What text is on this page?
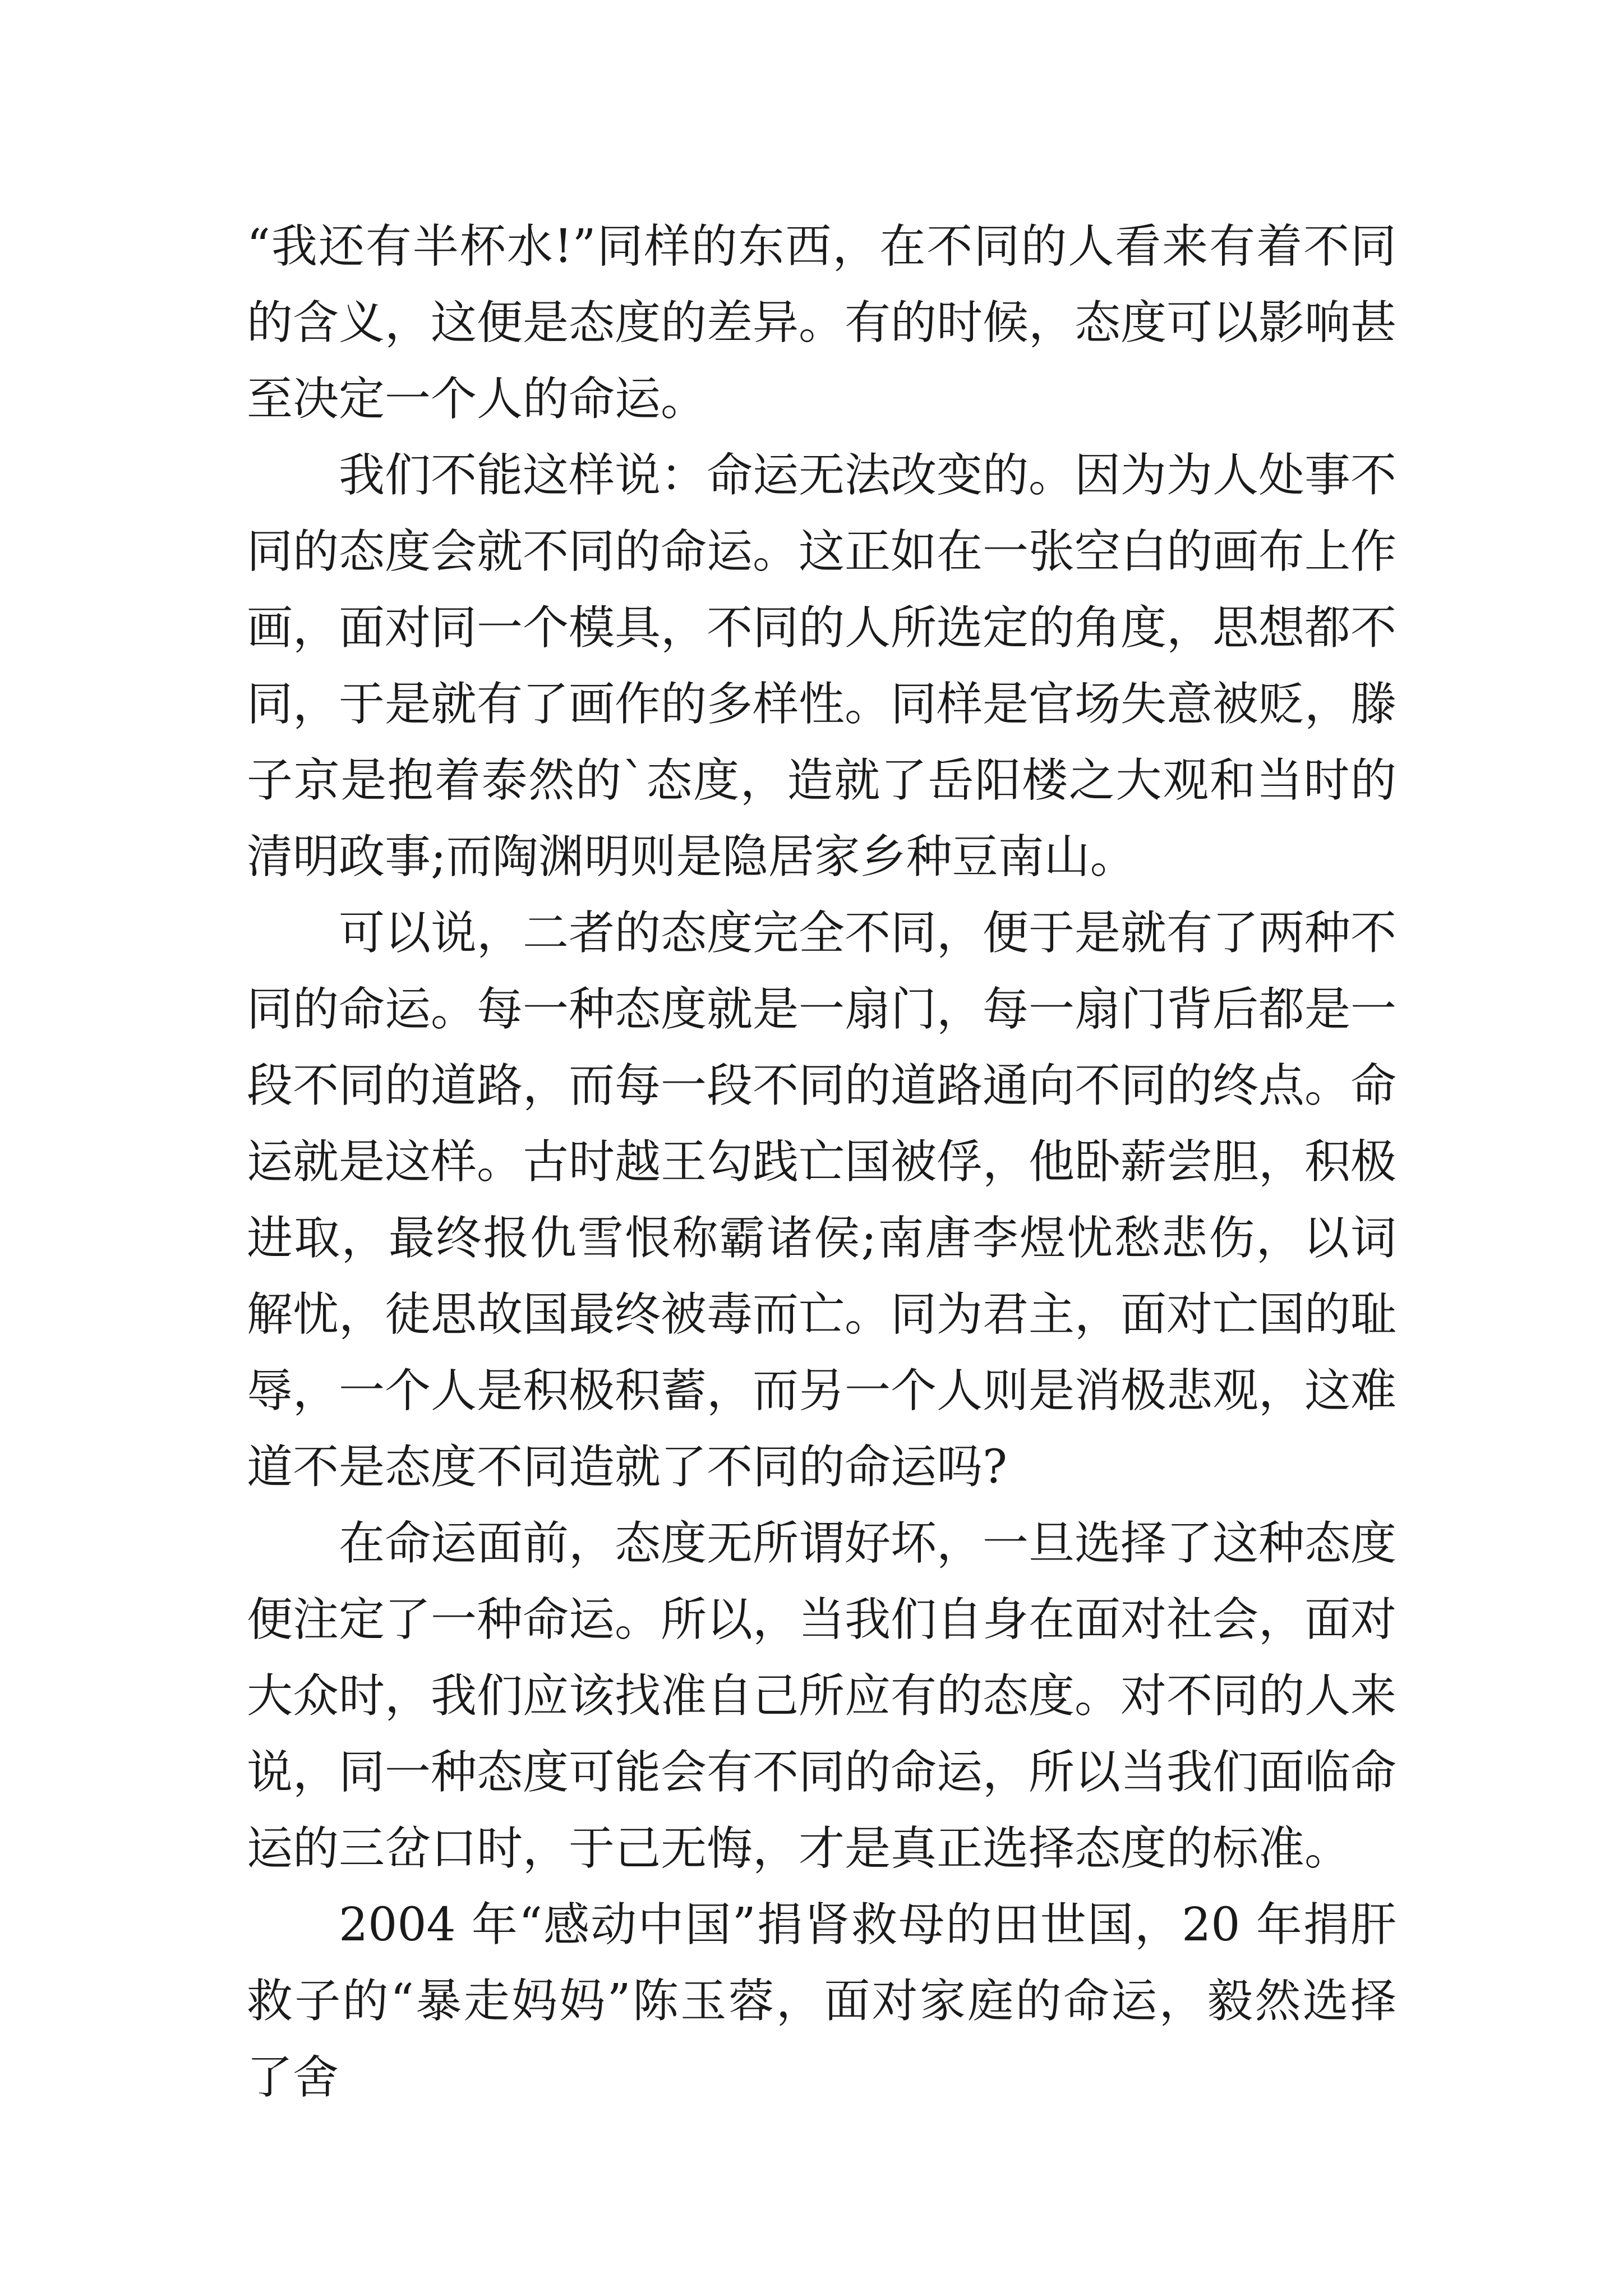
“我还有半杯水!”同样的东西，在不同的人看来有着不同的含义，这便是态度的差异。有的时候，态度可以影响甚至决定一个人的命运。

我们不能这样说：命运无法改变的。因为为人处事不同的态度会就不同的命运。这正如在一张空白的画布上作画，面对同一个模具，不同的人所选定的角度，思想都不同，于是就有了画作的多样性。同样是官场失意被贬，滕子京是抱着泰然的`态度，造就了岳阳楼之大观和当时的清明政事;而陶渊明则是隐居家乡种豆南山。

可以说，二者的态度完全不同，便于是就有了两种不同的命运。每一种态度就是一扇门，每一扇门背后都是一段不同的道路，而每一段不同的道路通向不同的终点。命运就是这样。古时越王勾践亡国被俘，他卧薪尝胆，积极进取，最终报仇雪恨称霸诸侯;南唐李煜忧愁悲伤，以词解忧，徒思故国最终被毒而亡。同为君主，面对亡国的耻辱，一个人是积极积蓄，而另一个人则是消极悲观，这难道不是态度不同造就了不同的命运吗?

在命运面前，态度无所谓好坏，一旦选择了这种态度便注定了一种命运。所以，当我们自身在面对社会，面对大众时，我们应该找准自己所应有的态度。对不同的人来说，同一种态度可能会有不同的命运，所以当我们面临命运的三岔口时，于己无悔，才是真正选择态度的标准。

2004 年“感动中国”捐肾救母的田世国，20 年捐肝救子的“暴走妈妈”陈玉蓉，面对家庭的命运，毅然选择了舍
